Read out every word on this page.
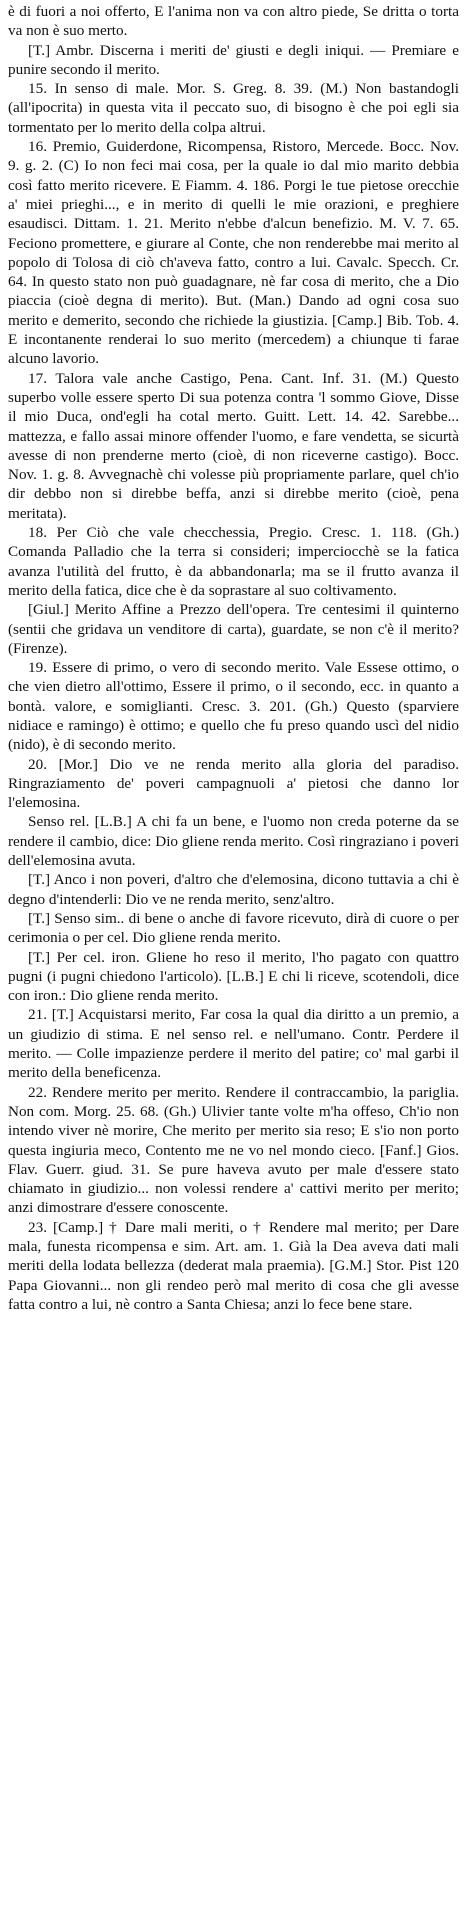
è di fuori a noi offerto, E l'anima non va con altro piede, Se dritta o torta va non è suo merto.

[T.] Ambr. Discerna i meriti de' giusti e degli iniqui. — Premiare e punire secondo il merito.

15. In senso di male. Mor. S. Greg. 8. 39. (M.) Non bastandogli (all'ipocrita) in questa vita il peccato suo, di bisogno è che poi egli sia tormentato per lo merito della colpa altrui.

16. Premio, Guiderdone, Ricompensa, Ristoro, Mercede. Bocc. Nov. 9. g. 2. (C) Io non feci mai cosa, per la quale io dal mio marito debbia così fatto merito ricevere. E Fiamm. 4. 186. Porgi le tue pietose orecchie a' miei prieghi..., e in merito di quelli le mie orazioni, e preghiere esaudisci. Dittam. 1. 21. Merito n'ebbe d'alcun benefizio. M. V. 7. 65. Feciono promettere, e giurare al Conte, che non renderebbe mai merito al popolo di Tolosa di ciò ch'aveva fatto, contro a lui. Cavalc. Specch. Cr. 64. In questo stato non può guadagnare, nè far cosa di merito, che a Dio piaccia (cioè degna di merito). But. (Man.) Dando ad ogni cosa suo merito e demerito, secondo che richiede la giustizia. [Camp.] Bib. Tob. 4. E incontanente renderai lo suo merito (mercedem) a chiunque ti farae alcuno lavorio.

17. Talora vale anche Castigo, Pena. Cant. Inf. 31. (M.) Questo superbo volle essere sperto Di sua potenza contra 'l sommo Giove, Disse il mio Duca, ond'egli ha cotal merto. Guitt. Lett. 14. 42. Sarebbe... mattezza, e fallo assai minore offender l'uomo, e fare vendetta, se sicurtà avesse di non prenderne merto (cioè, di non riceverne castigo). Bocc. Nov. 1. g. 8. Avvegnachè chi volesse più propriamente parlare, quel ch'io dir debbo non si direbbe beffa, anzi si direbbe merito (cioè, pena meritata).

18. Per Ciò che vale checchessia, Pregio. Cresc. 1. 118. (Gh.) Comanda Palladio che la terra si consideri; imperciocchè se la fatica avanza l'utilità del frutto, è da abbandonarla; ma se il frutto avanza il merito della fatica, dice che è da soprastare al suo coltivamento.

[Giul.] Merito Affine a Prezzo dell'opera. Tre centesimi il quinterno (sentii che gridava un venditore di carta), guardate, se non c'è il merito? (Firenze).

19. Essere di primo, o vero di secondo merito. Vale Essese ottimo, o che vien dietro all'ottimo, Essere il primo, o il secondo, ecc. in quanto a bontà. valore, e somiglianti. Cresc. 3. 201. (Gh.) Questo (sparviere nidiace e ramingo) è ottimo; e quello che fu preso quando uscì del nidio (nido), è di secondo merito.

20. [Mor.] Dio ve ne renda merito alla gloria del paradiso. Ringraziamento de' poveri campagnuoli a' pietosi che danno lor l'elemosina.

Senso rel. [L.B.] A chi fa un bene, e l'uomo non creda poterne da se rendere il cambio, dice: Dio gliene renda merito. Così ringraziano i poveri dell'elemosina avuta.

[T.] Anco i non poveri, d'altro che d'elemosina, dicono tuttavia a chi è degno d'intenderli: Dio ve ne renda merito, senz'altro.

[T.] Senso sim.. di bene o anche di favore ricevuto, dirà di cuore o per cerimonia o per cel. Dio gliene renda merito.

[T.] Per cel. iron. Gliene ho reso il merito, l'ho pagato con quattro pugni (i pugni chiedono l'articolo). [L.B.] E chi li riceve, scotendoli, dice con iron.: Dio gliene renda merito.

21. [T.] Acquistarsi merito, Far cosa la qual dia diritto a un premio, a un giudizio di stima. E nel senso rel. e nell'umano. Contr. Perdere il merito. — Colle impazienze perdere il merito del patire; co' mal garbi il merito della beneficenza.

22. Rendere merito per merito. Rendere il contraccambio, la pariglia. Non com. Morg. 25. 68. (Gh.) Ulivier tante volte m'ha offeso, Ch'io non intendo viver nè morire, Che merito per merito sia reso; E s'io non porto questa ingiuria meco, Contento me ne vo nel mondo cieco. [Fanf.] Gios. Flav. Guerr. giud. 31. Se pure haveva avuto per male d'essere stato chiamato in giudizio... non volessi rendere a' cattivi merito per merito; anzi dimostrare d'essere conoscente.

23. [Camp.] † Dare mali meriti, o † Rendere mal merito; per Dare mala, funesta ricompensa e sim. Art. am. 1. Già la Dea aveva dati mali meriti della lodata bellezza (dederat mala praemia). [G.M.] Stor. Pist 120 Papa Giovanni... non gli rendeo però mal merito di cosa che gli avesse fatta contro a lui, nè contro a Santa Chiesa; anzi lo fece bene stare.
